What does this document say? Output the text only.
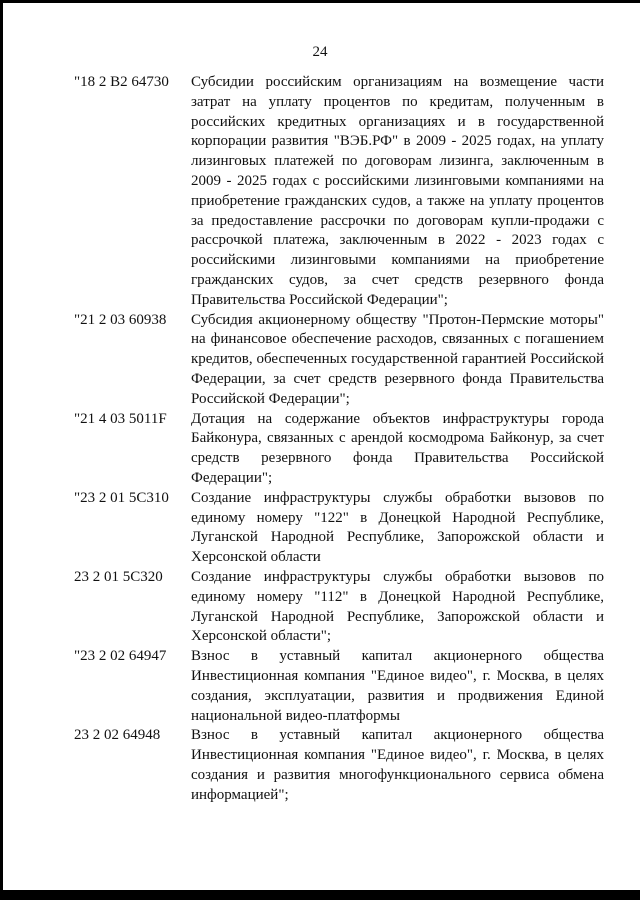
24
"18 2 B2 64730	Субсидии российским организациям на возмещение части затрат на уплату процентов по кредитам, полученным в российских кредитных организациях и в государственной корпорации развития "ВЭБ.РФ" в 2009 - 2025 годах, на уплату лизинговых платежей по договорам лизинга, заключенным в 2009 - 2025 годах с российскими лизинговыми компаниями на приобретение гражданских судов, а также на уплату процентов за предоставление рассрочки по договорам купли-продажи с рассрочкой платежа, заключенным в 2022 - 2023 годах с российскими лизинговыми компаниями на приобретение гражданских судов, за счет средств резервного фонда Правительства Российской Федерации";
"21 2 03 60938	Субсидия акционерному обществу "Протон-Пермские моторы" на финансовое обеспечение расходов, связанных с погашением кредитов, обеспеченных государственной гарантией Российской Федерации, за счет средств резервного фонда Правительства Российской Федерации";
"21 4 03 5011F	Дотация на содержание объектов инфраструктуры города Байконура, связанных с арендой космодрома Байконур, за счет средств резервного фонда Правительства Российской Федерации";
"23 2 01 5C310	Создание инфраструктуры службы обработки вызовов по единому номеру "122" в Донецкой Народной Республике, Луганской Народной Республике, Запорожской области и Херсонской области
23 2 01 5C320	Создание инфраструктуры службы обработки вызовов по единому номеру "112" в Донецкой Народной Республике, Луганской Народной Республике, Запорожской области и Херсонской области";
"23 2 02 64947	Взнос в уставный капитал акционерного общества Инвестиционная компания "Единое видео", г. Москва, в целях создания, эксплуатации, развития и продвижения Единой национальной видео-платформы
23 2 02 64948	Взнос в уставный капитал акционерного общества Инвестиционная компания "Единое видео", г. Москва, в целях создания и развития многофункционального сервиса обмена информацией";
